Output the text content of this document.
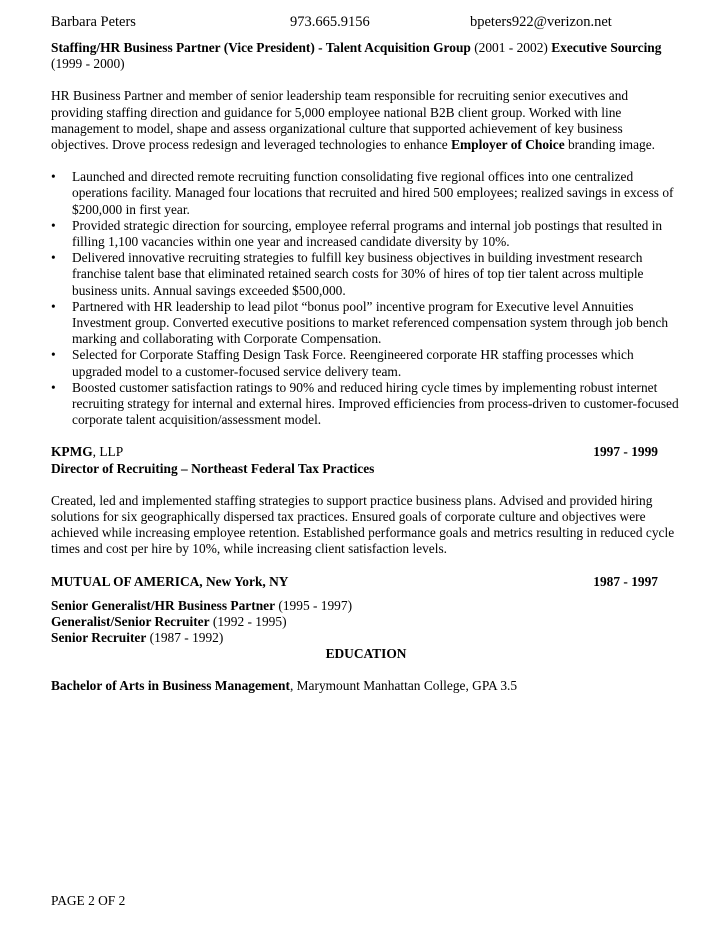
Barbara Peters	973.665.9156	bpeters922@verizon.net
Staffing/HR Business Partner (Vice President) - Talent Acquisition Group (2001 - 2002) Executive Sourcing
(1999 - 2000)
HR Business Partner and member of senior leadership team responsible for recruiting senior executives and providing staffing direction and guidance for 5,000 employee national B2B client group. Worked with line management to model, shape and assess organizational culture that supported achievement of key business objectives. Drove process redesign and leveraged technologies to enhance Employer of Choice branding image.
• Launched and directed remote recruiting function consolidating five regional offices into one centralized operations facility. Managed four locations that recruited and hired 500 employees; realized savings in excess of $200,000 in first year.
• Provided strategic direction for sourcing, employee referral programs and internal job postings that resulted in filling 1,100 vacancies within one year and increased candidate diversity by 10%.
• Delivered innovative recruiting strategies to fulfill key business objectives in building investment research franchise talent base that eliminated retained search costs for 30% of hires of top tier talent across multiple business units. Annual savings exceeded $500,000.
• Partnered with HR leadership to lead pilot “bonus pool” incentive program for Executive level Annuities Investment group. Converted executive positions to market referenced compensation system through job bench marking and collaborating with Corporate Compensation.
• Selected for Corporate Staffing Design Task Force. Reengineered corporate HR staffing processes which upgraded model to a customer-focused service delivery team.
• Boosted customer satisfaction ratings to 90% and reduced hiring cycle times by implementing robust internet recruiting strategy for internal and external hires. Improved efficiencies from process-driven to customer-focused corporate talent acquisition/assessment model.
KPMG, LLP	1997 - 1999
Director of Recruiting – Northeast Federal Tax Practices
Created, led and implemented staffing strategies to support practice business plans. Advised and provided hiring solutions for six geographically dispersed tax practices. Ensured goals of corporate culture and objectives were achieved while increasing employee retention. Established performance goals and metrics resulting in reduced cycle times and cost per hire by 10%, while increasing client satisfaction levels.
MUTUAL OF AMERICA, New York, NY	1987 - 1997
Senior Generalist/HR Business Partner (1995 - 1997)
Generalist/Senior Recruiter (1992 - 1995)
Senior Recruiter (1987 - 1992)
EDUCATION
Bachelor of Arts in Business Management, Marymount Manhattan College, GPA 3.5
PAGE 2 OF 2
